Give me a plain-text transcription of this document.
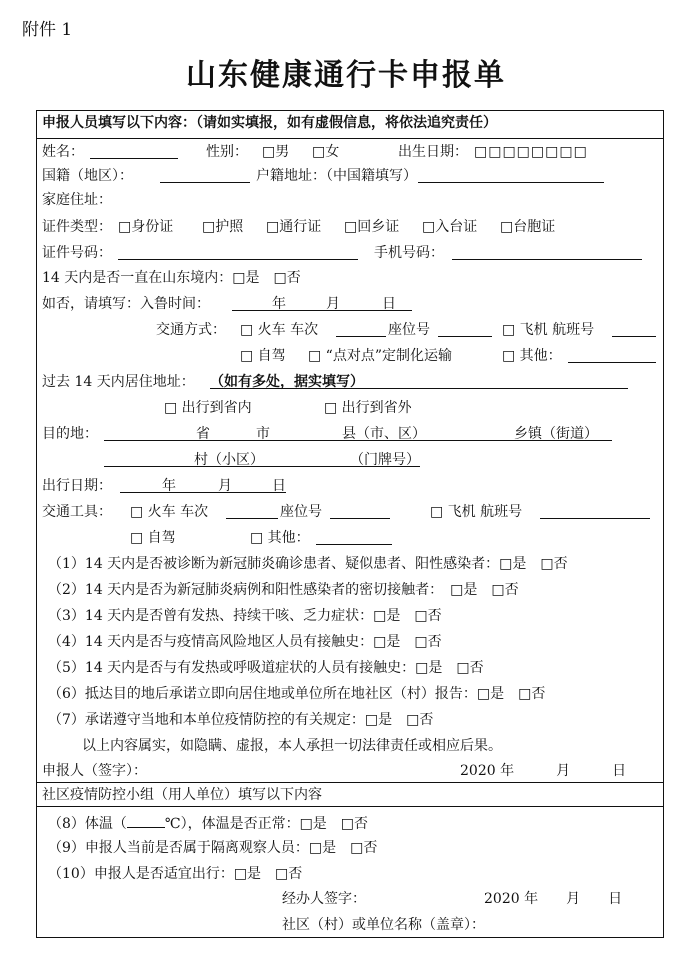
附件 1
山东健康通行卡申报单
申报人员填写以下内容：（请如实填报，如有虚假信息，将依法追究责任）
姓名：	性别： □男 □女	出生日期： □□□□□□□□
国籍（地区）：	户籍地址：（中国籍填写）
家庭住址：
证件类型： □身份证 □护照 □通行证 □回乡证 □入台证 □台胞证
证件号码：	手机号码：
14 天内是否一直在山东境内：□是　□否
如否，请填写：入鲁时间：	年	月	日
交通方式： □ 火车 车次	座位号	□ 飞机 航班号
□ 自驾 □ “点对点”定制化运输	□ 其他：
过去 14 天内居住地址： （如有多处，据实填写）
□ 出行到省内	□ 出行到省外
目的地：	省	市	县（市、区）	乡镇（街道）
村（小区）	（门牌号）
出行日期：	年	月	日
交通工具： □ 火车 车次	座位号	□ 飞机 航班号
□ 自驾	□ 其他：
（1）14 天内是否被诊断为新冠肺炎确诊患者、疑似患者、阳性感染者：□是　□否
（2）14 天内是否为新冠肺炎病例和阳性感染者的密切接触者：　□是　□否
（3）14 天内是否曾有发热、持续干咳、乏力症状：□是　□否
（4）14 天内是否与疫情高风险地区人员有接触史：□是　□否
（5）14 天内是否与有发热或呼吸道症状的人员有接触史：□是　□否
（6）抵达目的地后承诺立即向居住地或单位所在地社区（村）报告：□是　□否
（7）承诺遵守当地和本单位疫情防控的有关规定：□是　□否
以上内容属实，如隐瞒、虚报，本人承担一切法律责任或相应后果。
申报人（签字）：	2020 年　　　月　　　日
社区疫情防控小组（用人单位）填写以下内容
（8）体温（	℃），体温是否正常：□是　□否
（9）申报人当前是否属于隔离观察人员：□是　□否
（10）申报人是否适宜出行：□是　□否
经办人签字：	2020 年　　月　　日
社区（村）或单位名称（盖章）：
